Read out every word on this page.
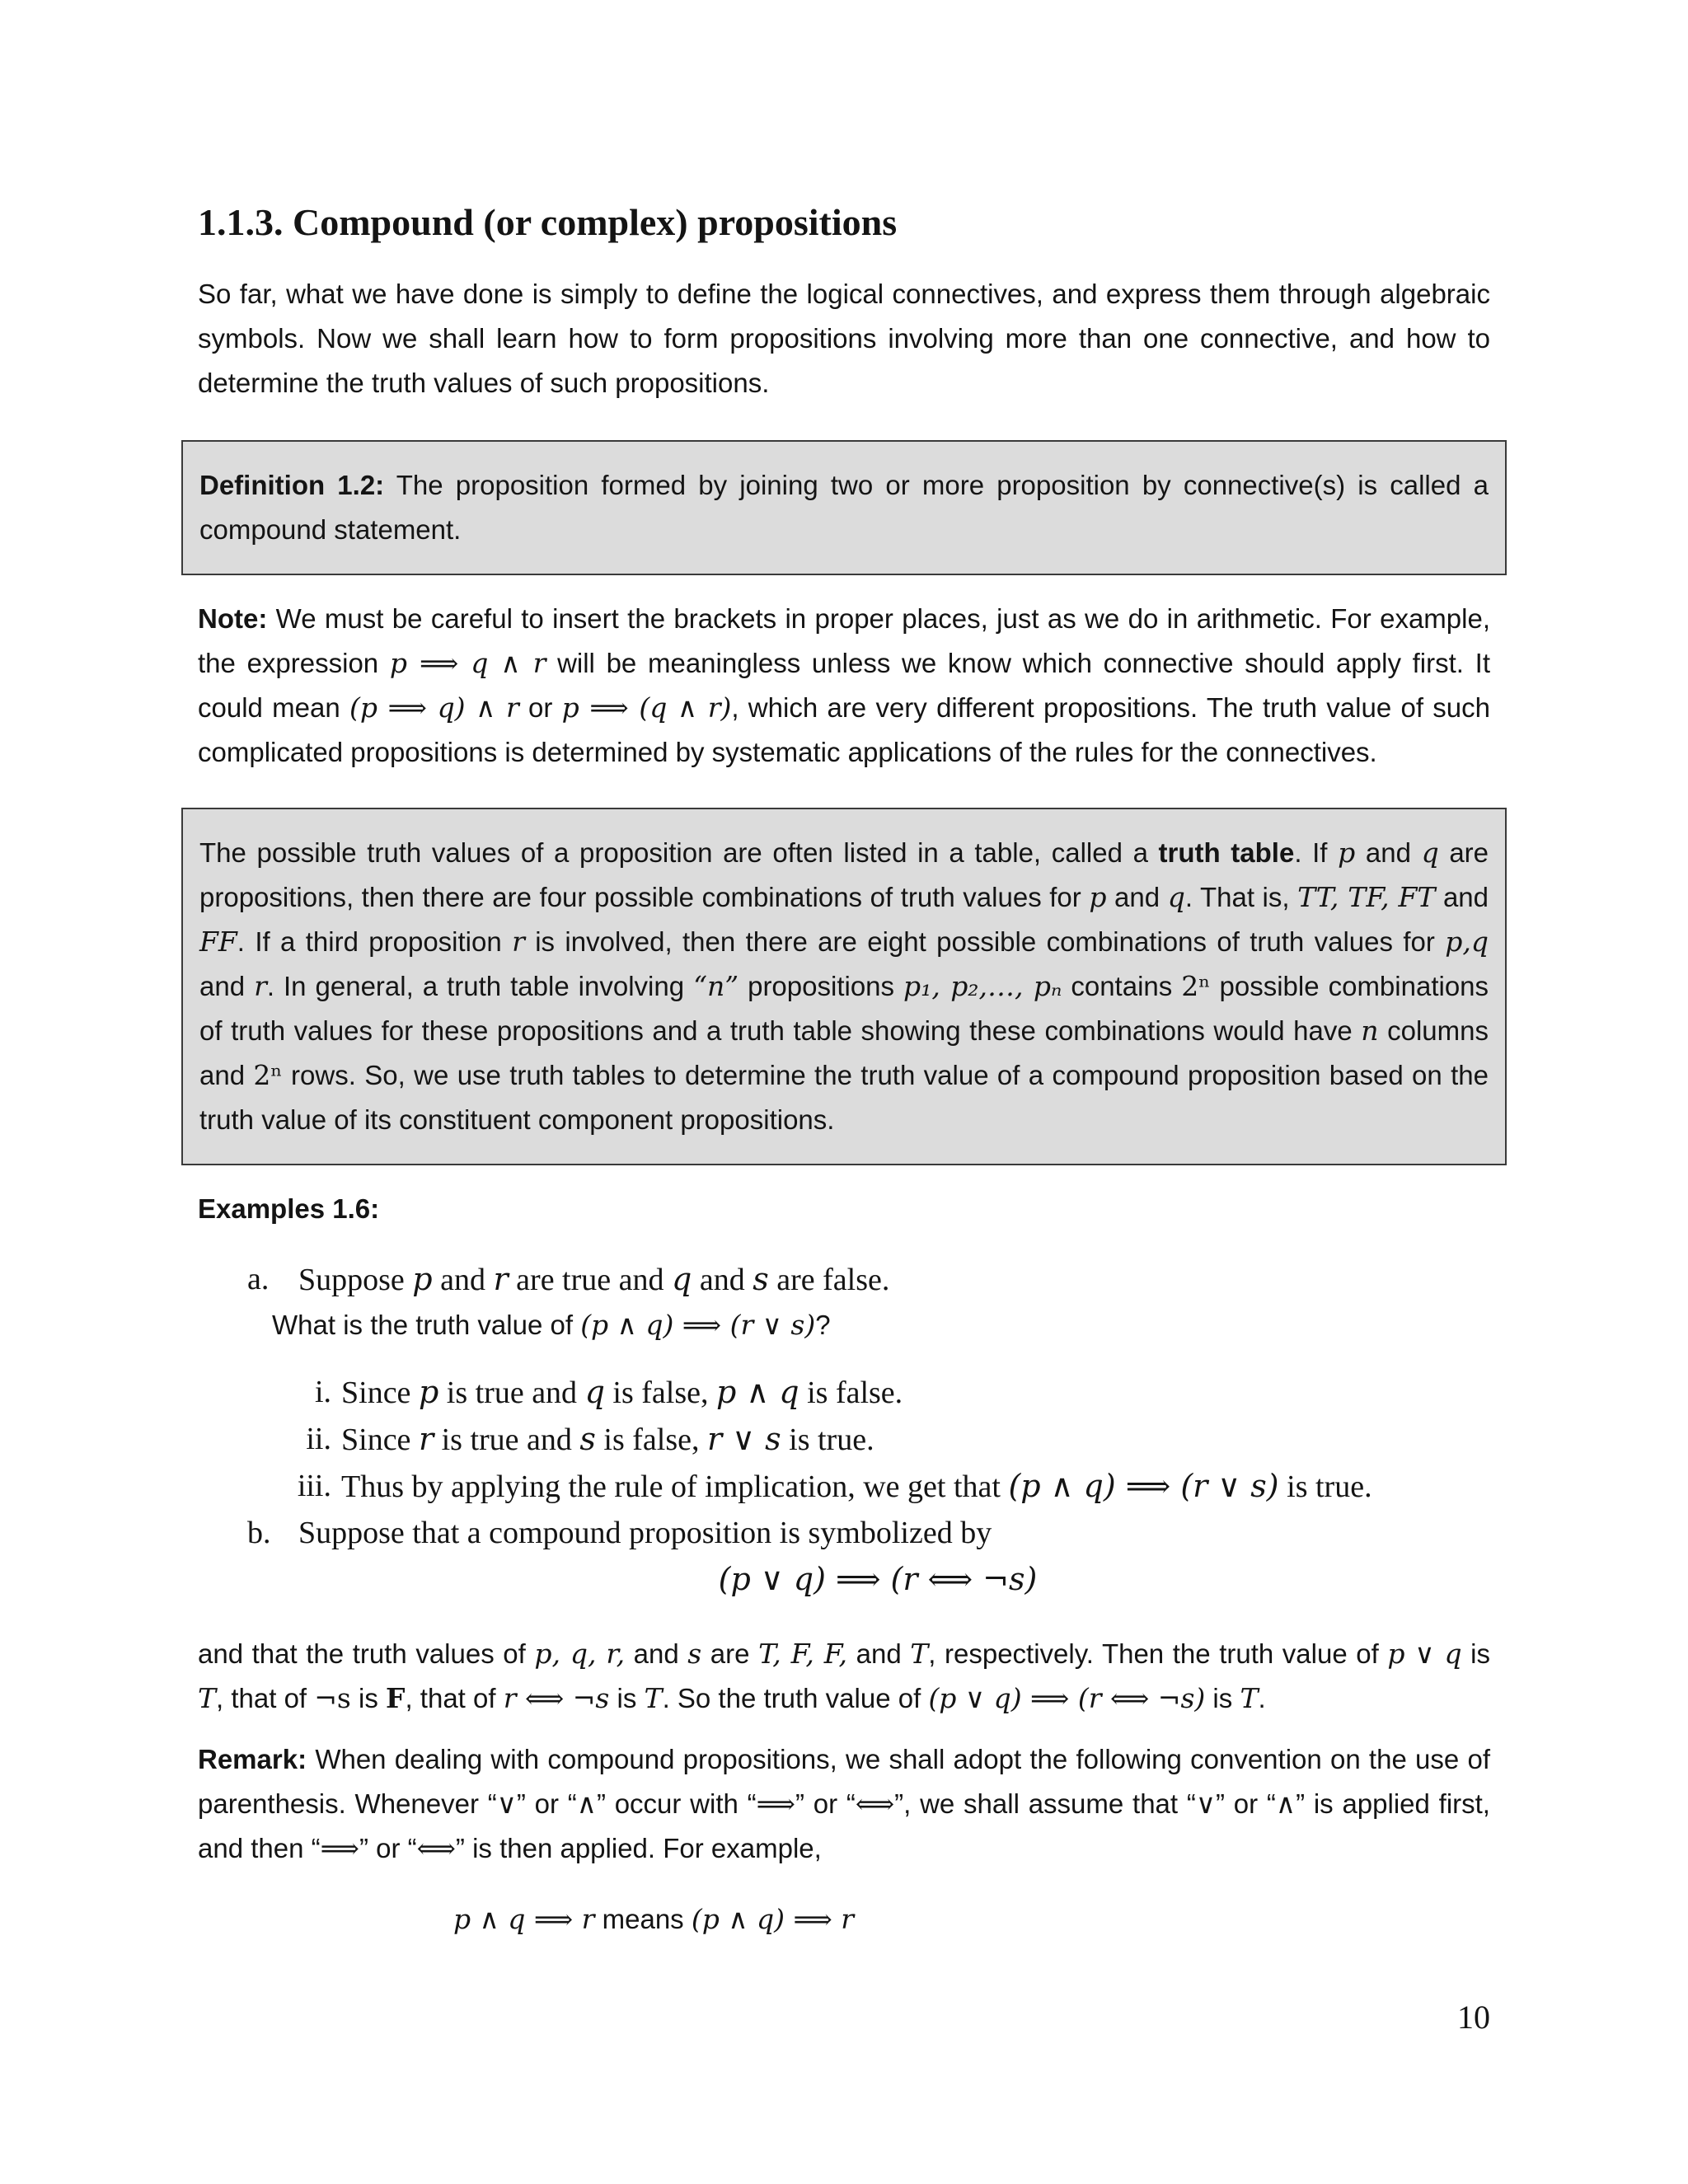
1.1.3. Compound (or complex) propositions

So far, what we have done is simply to define the logical connectives, and express them through algebraic symbols. Now we shall learn how to form propositions involving more than one connective, and how to determine the truth values of such propositions.

Definition 1.2: The proposition formed by joining two or more proposition by connective(s) is called a compound statement.

Note: We must be careful to insert the brackets in proper places, just as we do in arithmetic. For example, the expression p ⟹ q ∧ r will be meaningless unless we know which connective should apply first. It could mean (p ⟹ q) ∧ r or p ⟹ (q ∧ r), which are very different propositions. The truth value of such complicated propositions is determined by systematic applications of the rules for the connectives.

The possible truth values of a proposition are often listed in a table, called a truth table. If p and q are propositions, then there are four possible combinations of truth values for p and q. That is, TT, TF, FT and FF. If a third proposition r is involved, then there are eight possible combinations of truth values for p,q and r. In general, a truth table involving “n” propositions p₁, p₂,…, pₙ contains 2ⁿ possible combinations of truth values for these propositions and a truth table showing these combinations would have n columns and 2ⁿ rows. So, we use truth tables to determine the truth value of a compound proposition based on the truth value of its constituent component propositions.

Examples 1.6:

a. Suppose p and r are true and q and s are false.
What is the truth value of (p ∧ q) ⟹ (r ∨ s)?
i. Since p is true and q is false, p ∧ q is false.
ii. Since r is true and s is false, r ∨ s is true.
iii. Thus by applying the rule of implication, we get that (p ∧ q) ⟹ (r ∨ s) is true.
b. Suppose that a compound proposition is symbolized by
(p ∨ q) ⟹ (r ⟺ ¬s)

and that the truth values of p, q, r, and s are T, F, F, and T, respectively. Then the truth value of p ∨ q is T, that of ¬s is F, that of r ⟺ ¬s is T. So the truth value of (p ∨ q) ⟹ (r ⟺ ¬s) is T.

Remark: When dealing with compound propositions, we shall adopt the following convention on the use of parenthesis. Whenever “∨” or “∧” occur with “⟹” or “⟺”, we shall assume that “∨” or “∧” is applied first, and then “⟹” or “⟺” is then applied. For example,

p ∧ q ⟹ r means (p ∧ q) ⟹ r
10
